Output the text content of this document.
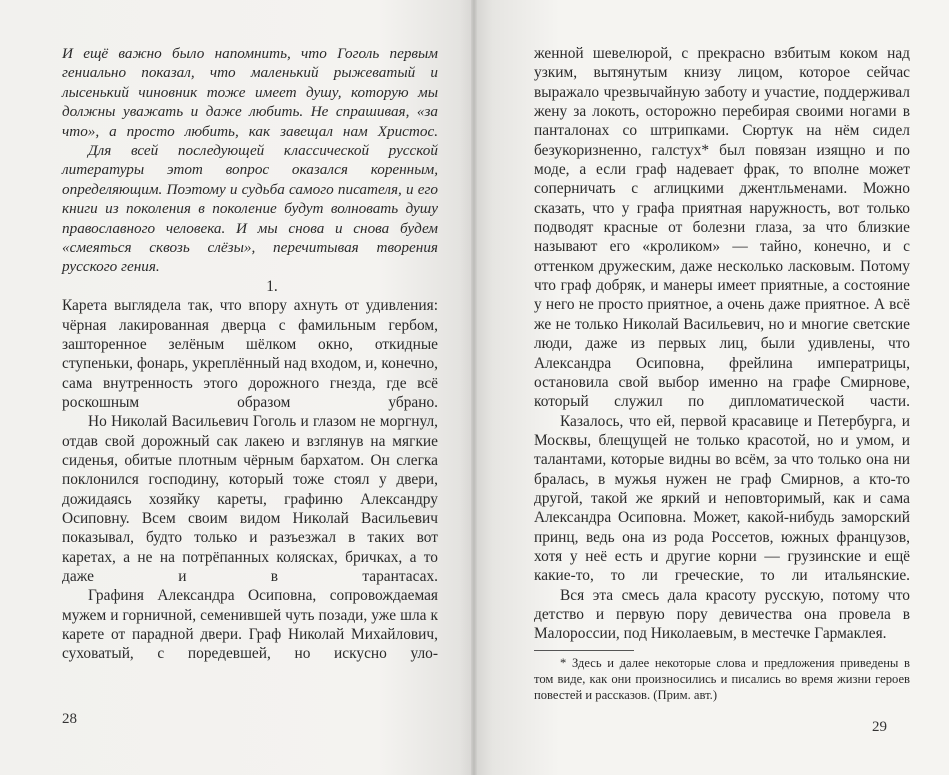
И ещё важно было напомнить, что Гоголь первым гениально показал, что маленький рыжеватый и лысенький чиновник тоже имеет душу, которую мы должны уважать и даже любить. Не спрашивая, «за что», а просто любить, как завещал нам Христос.

Для всей последующей классической русской литературы этот вопрос оказался коренным, определяющим. Поэтому и судьба самого писателя, и его книги из поколения в поколение будут волновать душу православного человека. И мы снова и снова будем «смеяться сквозь слёзы», перечитывая творения русского гения.

1.

Карета выглядела так, что впору ахнуть от удивления: чёрная лакированная дверца с фамильным гербом, зашторенное зелёным шёлком окно, откидные ступеньки, фонарь, укреплённый над входом, и, конечно, сама внутренность этого дорожного гнезда, где всё роскошным образом убрано.

Но Николай Васильевич Гоголь и глазом не моргнул, отдав свой дорожный сак лакею и взглянув на мягкие сиденья, обитые плотным чёрным бархатом. Он слегка поклонился господину, который тоже стоял у двери, дожидаясь хозяйку кареты, графиню Александру Осиповну. Всем своим видом Николай Васильевич показывал, будто только и разъезжал в таких вот каретах, а не на потрёпанных колясках, бричках, а то даже и в тарантасах.

Графиня Александра Осиповна, сопровождаемая мужем и горничной, семенившей чуть позади, уже шла к карете от парадной двери. Граф Николай Михайлович, суховатый, с поредевшей, но искусно уло-

28

женной шевелюрой, с прекрасно взбитым коком над узким, вытянутым книзу лицом, которое сейчас выражало чрезвычайную заботу и участие, поддерживал жену за локоть, осторожно перебирая своими ногами в панталонах со штрипками. Сюртук на нём сидел безукоризненно, галстух* был повязан изящно и по моде, а если граф надевает фрак, то вполне может соперничать с аглицкими джентльменами. Можно сказать, что у графа приятная наружность, вот только подводят красные от болезни глаза, за что близкие называют его «кроликом» — тайно, конечно, и с оттенком дружеским, даже несколько ласковым. Потому что граф добряк, и манеры имеет приятные, а состояние у него не просто приятное, а очень даже приятное. А всё же не только Николай Васильевич, но и многие светские люди, даже из первых лиц, были удивлены, что Александра Осиповна, фрейлина императрицы, остановила свой выбор именно на графе Смирнове, который служил по дипломатической части.

Казалось, что ей, первой красавице и Петербурга, и Москвы, блещущей не только красотой, но и умом, и талантами, которые видны во всём, за что только она ни бралась, в мужья нужен не граф Смирнов, а кто-то другой, такой же яркий и неповторимый, как и сама Александра Осиповна. Может, какой-нибудь заморский принц, ведь она из рода Россетов, южных французов, хотя у неё есть и другие корни — грузинские и ещё какие-то, то ли греческие, то ли итальянские.

Вся эта смесь дала красоту русскую, потому что детство и первую пору девичества она провела в Малороссии, под Николаевым, в местечке Гармаклея.

* Здесь и далее некоторые слова и предложения приведены в том виде, как они произносились и писались во время жизни героев повестей и рассказов. (Прим. авт.)

29
